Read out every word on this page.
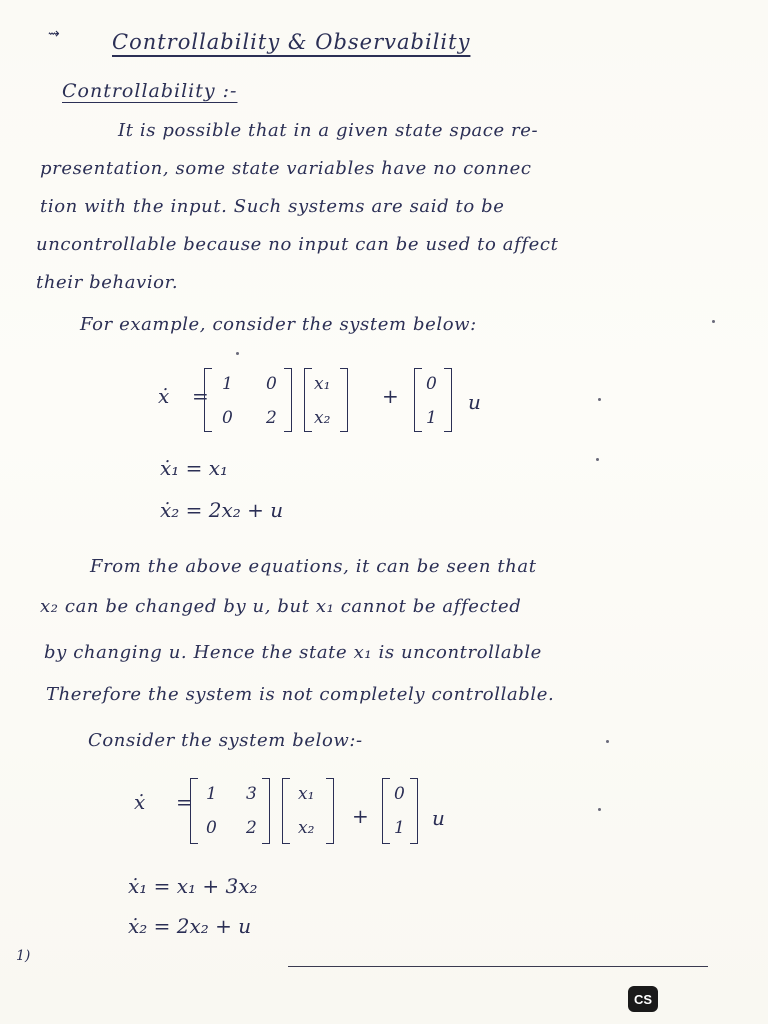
⇝ Controllability & Observability
Controllability :-
It is possible that in a given state space re-
presentation, some state variables have no connec
tion with the input. Such systems are said to be
uncontrollable because no input can be used to affect
their behavior.
For example, consider the system below:
ẋ = 1 0
0 2
x₁
x₂
+ 0
1
u
ẋ₁ = x₁
ẋ₂ = 2x₂ + u
From the above equations, it can be seen that
x₂ can be changed by u, but x₁ cannot be affected
by changing u. Hence the state x₁ is uncontrollable
Therefore the system is not completely controllable.
Consider the system below:-
ẋ = 1 3
0 2
x₁
x₂ +
0
1 u
ẋ₁ = x₁ + 3x₂
ẋ₂ = 2x₂ + u
1)
CS
